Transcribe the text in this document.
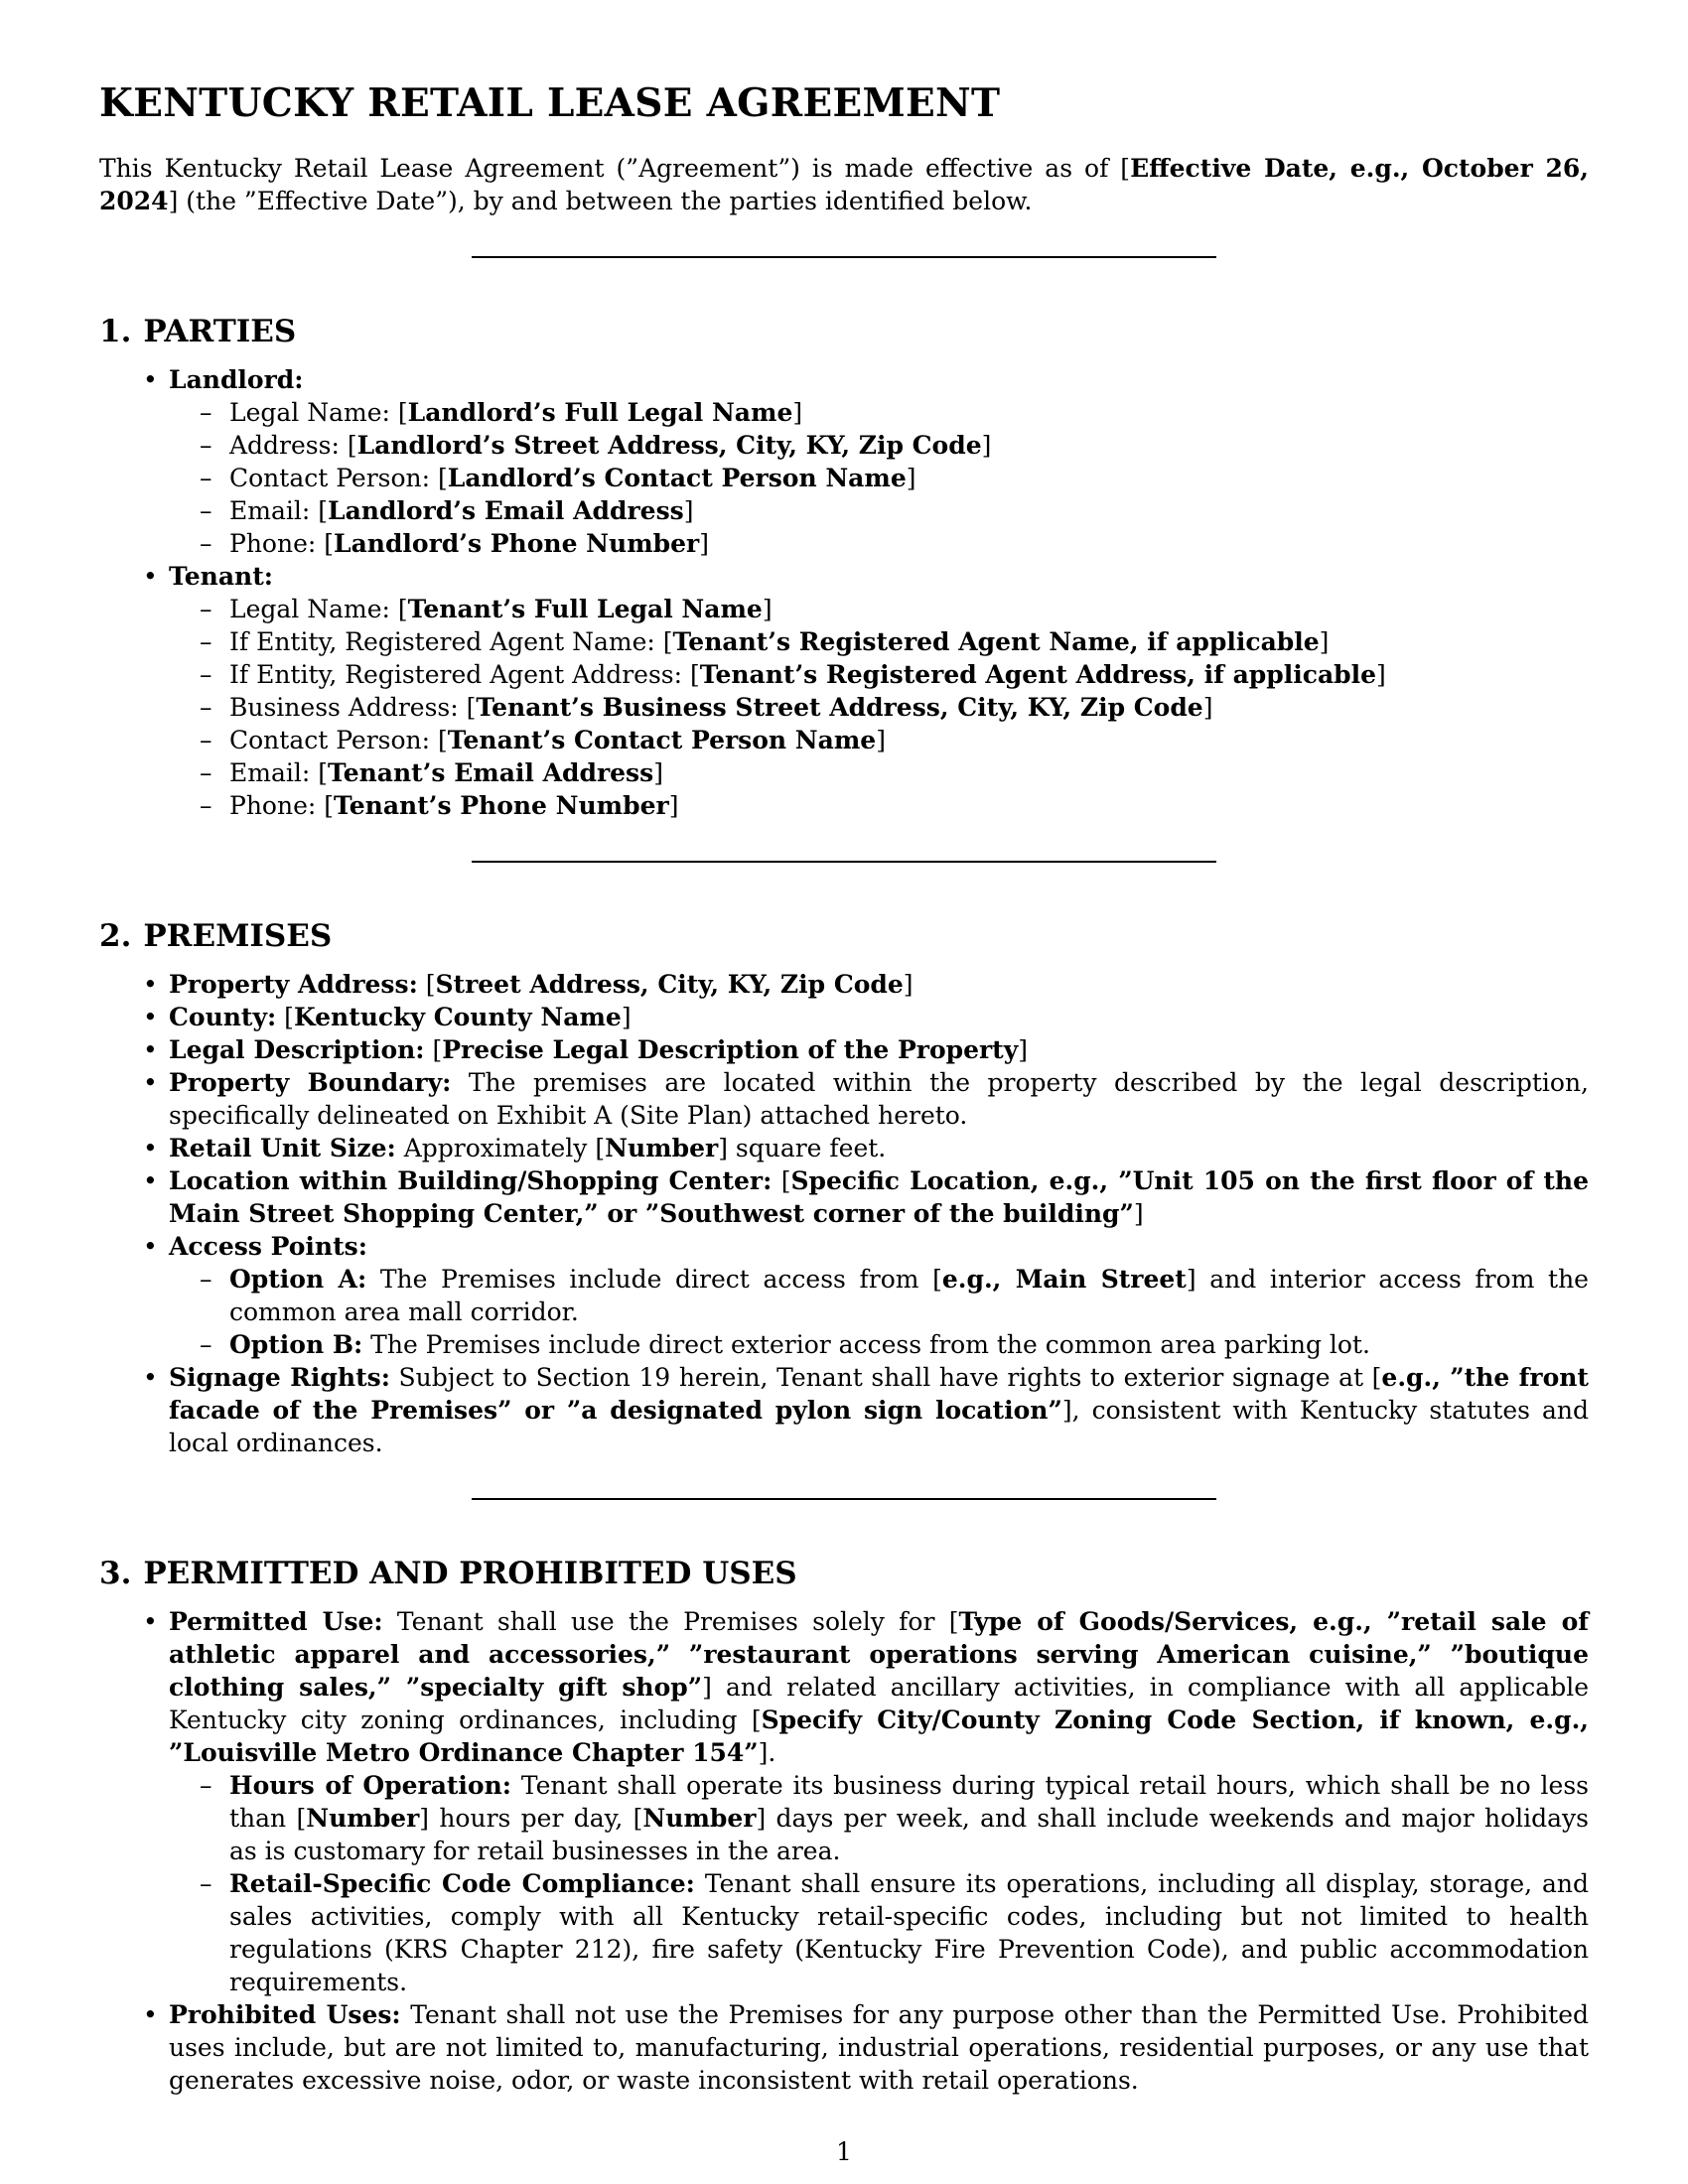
KENTUCKY RETAIL LEASE AGREEMENT

This Kentucky Retail Lease Agreement (”Agreement”) is made effective as of [Effective Date, e.g., October 26, 2024] (the ”Effective Date”), by and between the parties identified below.

1. PARTIES
• Landlord:
– Legal Name: [Landlord’s Full Legal Name]
– Address: [Landlord’s Street Address, City, KY, Zip Code]
– Contact Person: [Landlord’s Contact Person Name]
– Email: [Landlord’s Email Address]
– Phone: [Landlord’s Phone Number]
• Tenant:
– Legal Name: [Tenant’s Full Legal Name]
– If Entity, Registered Agent Name: [Tenant’s Registered Agent Name, if applicable]
– If Entity, Registered Agent Address: [Tenant’s Registered Agent Address, if applicable]
– Business Address: [Tenant’s Business Street Address, City, KY, Zip Code]
– Contact Person: [Tenant’s Contact Person Name]
– Email: [Tenant’s Email Address]
– Phone: [Tenant’s Phone Number]
2. PREMISES
• Property Address: [Street Address, City, KY, Zip Code]
• County: [Kentucky County Name]
• Legal Description: [Precise Legal Description of the Property]
• Property Boundary: The premises are located within the property described by the legal description, specifically delineated on Exhibit A (Site Plan) attached hereto.
• Retail Unit Size: Approximately [Number] square feet.
• Location within Building/Shopping Center: [Specific Location, e.g., ”Unit 105 on the first floor of the Main Street Shopping Center,” or ”Southwest corner of the building”]
• Access Points:
– Option A: The Premises include direct access from [e.g., Main Street] and interior access from the common area mall corridor.
– Option B: The Premises include direct exterior access from the common area parking lot.
• Signage Rights: Subject to Section 19 herein, Tenant shall have rights to exterior signage at [e.g., ”the front facade of the Premises” or ”a designated pylon sign location”], consistent with Kentucky statutes and local ordinances.
3. PERMITTED AND PROHIBITED USES
• Permitted Use: Tenant shall use the Premises solely for [Type of Goods/Services, e.g., ”retail sale of athletic apparel and accessories,” ”restaurant operations serving American cuisine,” ”boutique clothing sales,” ”specialty gift shop”] and related ancillary activities, in compliance with all applicable Kentucky city zoning ordinances, including [Specify City/County Zoning Code Section, if known, e.g., ”Louisville Metro Ordinance Chapter 154”].
– Hours of Operation: Tenant shall operate its business during typical retail hours, which shall be no less than [Number] hours per day, [Number] days per week, and shall include weekends and major holidays as is customary for retail businesses in the area.
– Retail-Specific Code Compliance: Tenant shall ensure its operations, including all display, storage, and sales activities, comply with all Kentucky retail-specific codes, including but not limited to health regulations (KRS Chapter 212), fire safety (Kentucky Fire Prevention Code), and public accommodation requirements.
• Prohibited Uses: Tenant shall not use the Premises for any purpose other than the Permitted Use. Prohibited uses include, but are not limited to, manufacturing, industrial operations, residential purposes, or any use that generates excessive noise, odor, or waste inconsistent with retail operations.
1
